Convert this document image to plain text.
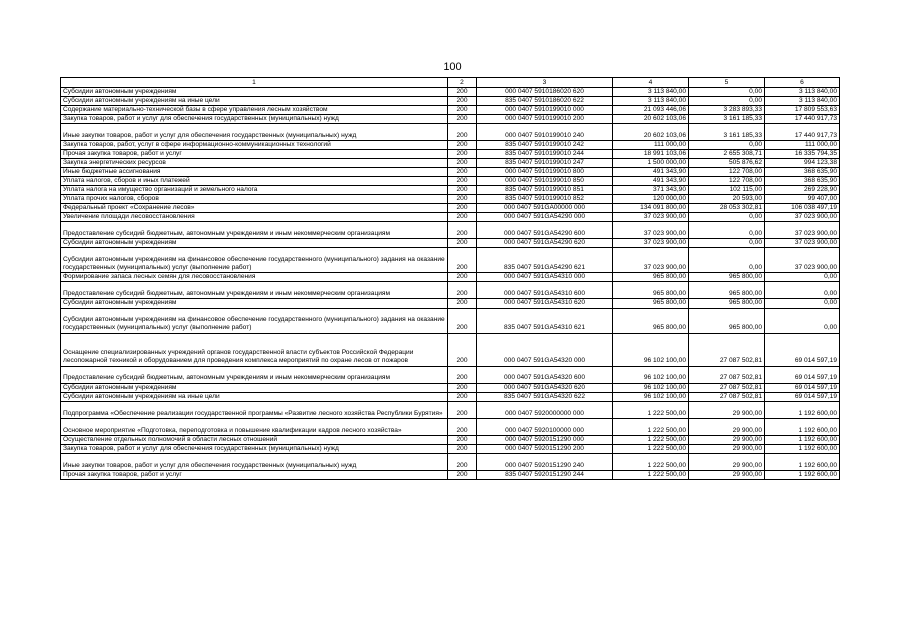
100
1	2	3	4	5	6
Субсидии автономным учреждениям	200	000 0407 5910186020 620	3 113 840,00	0,00	3 113 840,00
Субсидии автономным учреждениям на иные цели	200	835 0407 5910186020 622	3 113 840,00	0,00	3 113 840,00
Содержание материально-технической базы в сфере управления лесным хозяйством	200	000 0407 5910199010 000	21 093 446,06	3 283 893,33	17 809 553,63
Закупка товаров, работ и услуг для обеспечения государственных (муниципальных) нужд	200	000 0407 5910199010 200	20 602 103,06	3 161 185,33	17 440 917,73
Иные закупки товаров, работ и услуг для обеспечения государственных (муниципальных) нужд	200	000 0407 5910199010 240	20 602 103,06	3 161 185,33	17 440 917,73
Закупка товаров, работ, услуг в сфере информационно-коммуникационных технологий	200	835 0407 5910199010 242	111 000,00	0,00	111 000,00
Прочая закупка товаров, работ и услуг	200	835 0407 5910199010 244	18 991 103,06	2 655 308,71	16 335 794,35
Закупка энергетических ресурсов	200	835 0407 5910199010 247	1 500 000,00	505 876,62	994 123,38
Иные бюджетные ассигнования	200	000 0407 5910199010 800	491 343,90	122 708,00	368 635,90
Уплата налогов, сборов и иных платежей	200	000 0407 5910199010 850	491 343,90	122 708,00	368 635,90
Уплата налога на имущество организаций и земельного налога	200	835 0407 5910199010 851	371 343,90	102 115,00	269 228,90
Уплата прочих налогов, сборов	200	835 0407 5910199010 852	120 000,00	20 593,00	99 407,00
Федеральный проект «Сохранение лесов»	200	000 0407 591GA00000 000	134 091 800,00	28 053 302,81	106 038 497,19
Увеличение площади лесовосстановления	200	000 0407 591GA54290 000	37 023 900,00	0,00	37 023 900,00
Предоставление субсидий бюджетным, автономным учреждениям и иным некоммерческим организациям	200	000 0407 591GA54290 600	37 023 900,00	0,00	37 023 900,00
Субсидии автономным учреждениям	200	000 0407 591GA54290 620	37 023 900,00	0,00	37 023 900,00
Субсидии автономным учреждениям на финансовое обеспечение государственного (муниципального) задания на оказание государственных (муниципальных) услуг (выполнение работ)	200	835 0407 591GA54290 621	37 023 900,00	0,00	37 023 900,00
Формирование запаса лесных семян для лесовосстановления	200	000 0407 591GA54310 000	965 800,00	965 800,00	0,00
Предоставление субсидий бюджетным, автономным учреждениям и иным некоммерческим организациям	200	000 0407 591GA54310 600	965 800,00	965 800,00	0,00
Субсидии автономным учреждениям	200	000 0407 591GA54310 620	965 800,00	965 800,00	0,00
Субсидии автономным учреждениям на финансовое обеспечение государственного (муниципального) задания на оказание государственных (муниципальных) услуг (выполнение работ)	200	835 0407 591GA54310 621	965 800,00	965 800,00	0,00
Оснащение специализированных учреждений органов государственной власти субъектов Российской Федерации лесопожарной техникой и оборудованием для проведения комплекса мероприятий по охране лесов от пожаров	200	000 0407 591GA54320 000	96 102 100,00	27 087 502,81	69 014 597,19
Предоставление субсидий бюджетным, автономным учреждениям и иным некоммерческим организациям	200	000 0407 591GA54320 600	96 102 100,00	27 087 502,81	69 014 597,19
Субсидии автономным учреждениям	200	000 0407 591GA54320 620	96 102 100,00	27 087 502,81	69 014 597,19
Субсидии автономным учреждениям на иные цели	200	835 0407 591GA54320 622	96 102 100,00	27 087 502,81	69 014 597,19
Подпрограмма «Обеспечение реализации государственной программы «Развитие лесного хозяйства Республики Бурятия»	200	000 0407 5920000000 000	1 222 500,00	29 900,00	1 192 600,00
Основное мероприятие «Подготовка, переподготовка и повышение квалификации кадров лесного хозяйства»	200	000 0407 5920100000 000	1 222 500,00	29 900,00	1 192 600,00
Осуществление отдельных полномочий в области лесных отношений	200	000 0407 5920151290 000	1 222 500,00	29 900,00	1 192 600,00
Закупка товаров, работ и услуг для обеспечения государственных (муниципальных) нужд	200	000 0407 5920151290 200	1 222 500,00	29 900,00	1 192 600,00
Иные закупки товаров, работ и услуг для обеспечения государственных (муниципальных) нужд	200	000 0407 5920151290 240	1 222 500,00	29 900,00	1 192 600,00
Прочая закупка товаров, работ и услуг	200	835 0407 5920151290 244	1 222 500,00	29 900,00	1 192 600,00
